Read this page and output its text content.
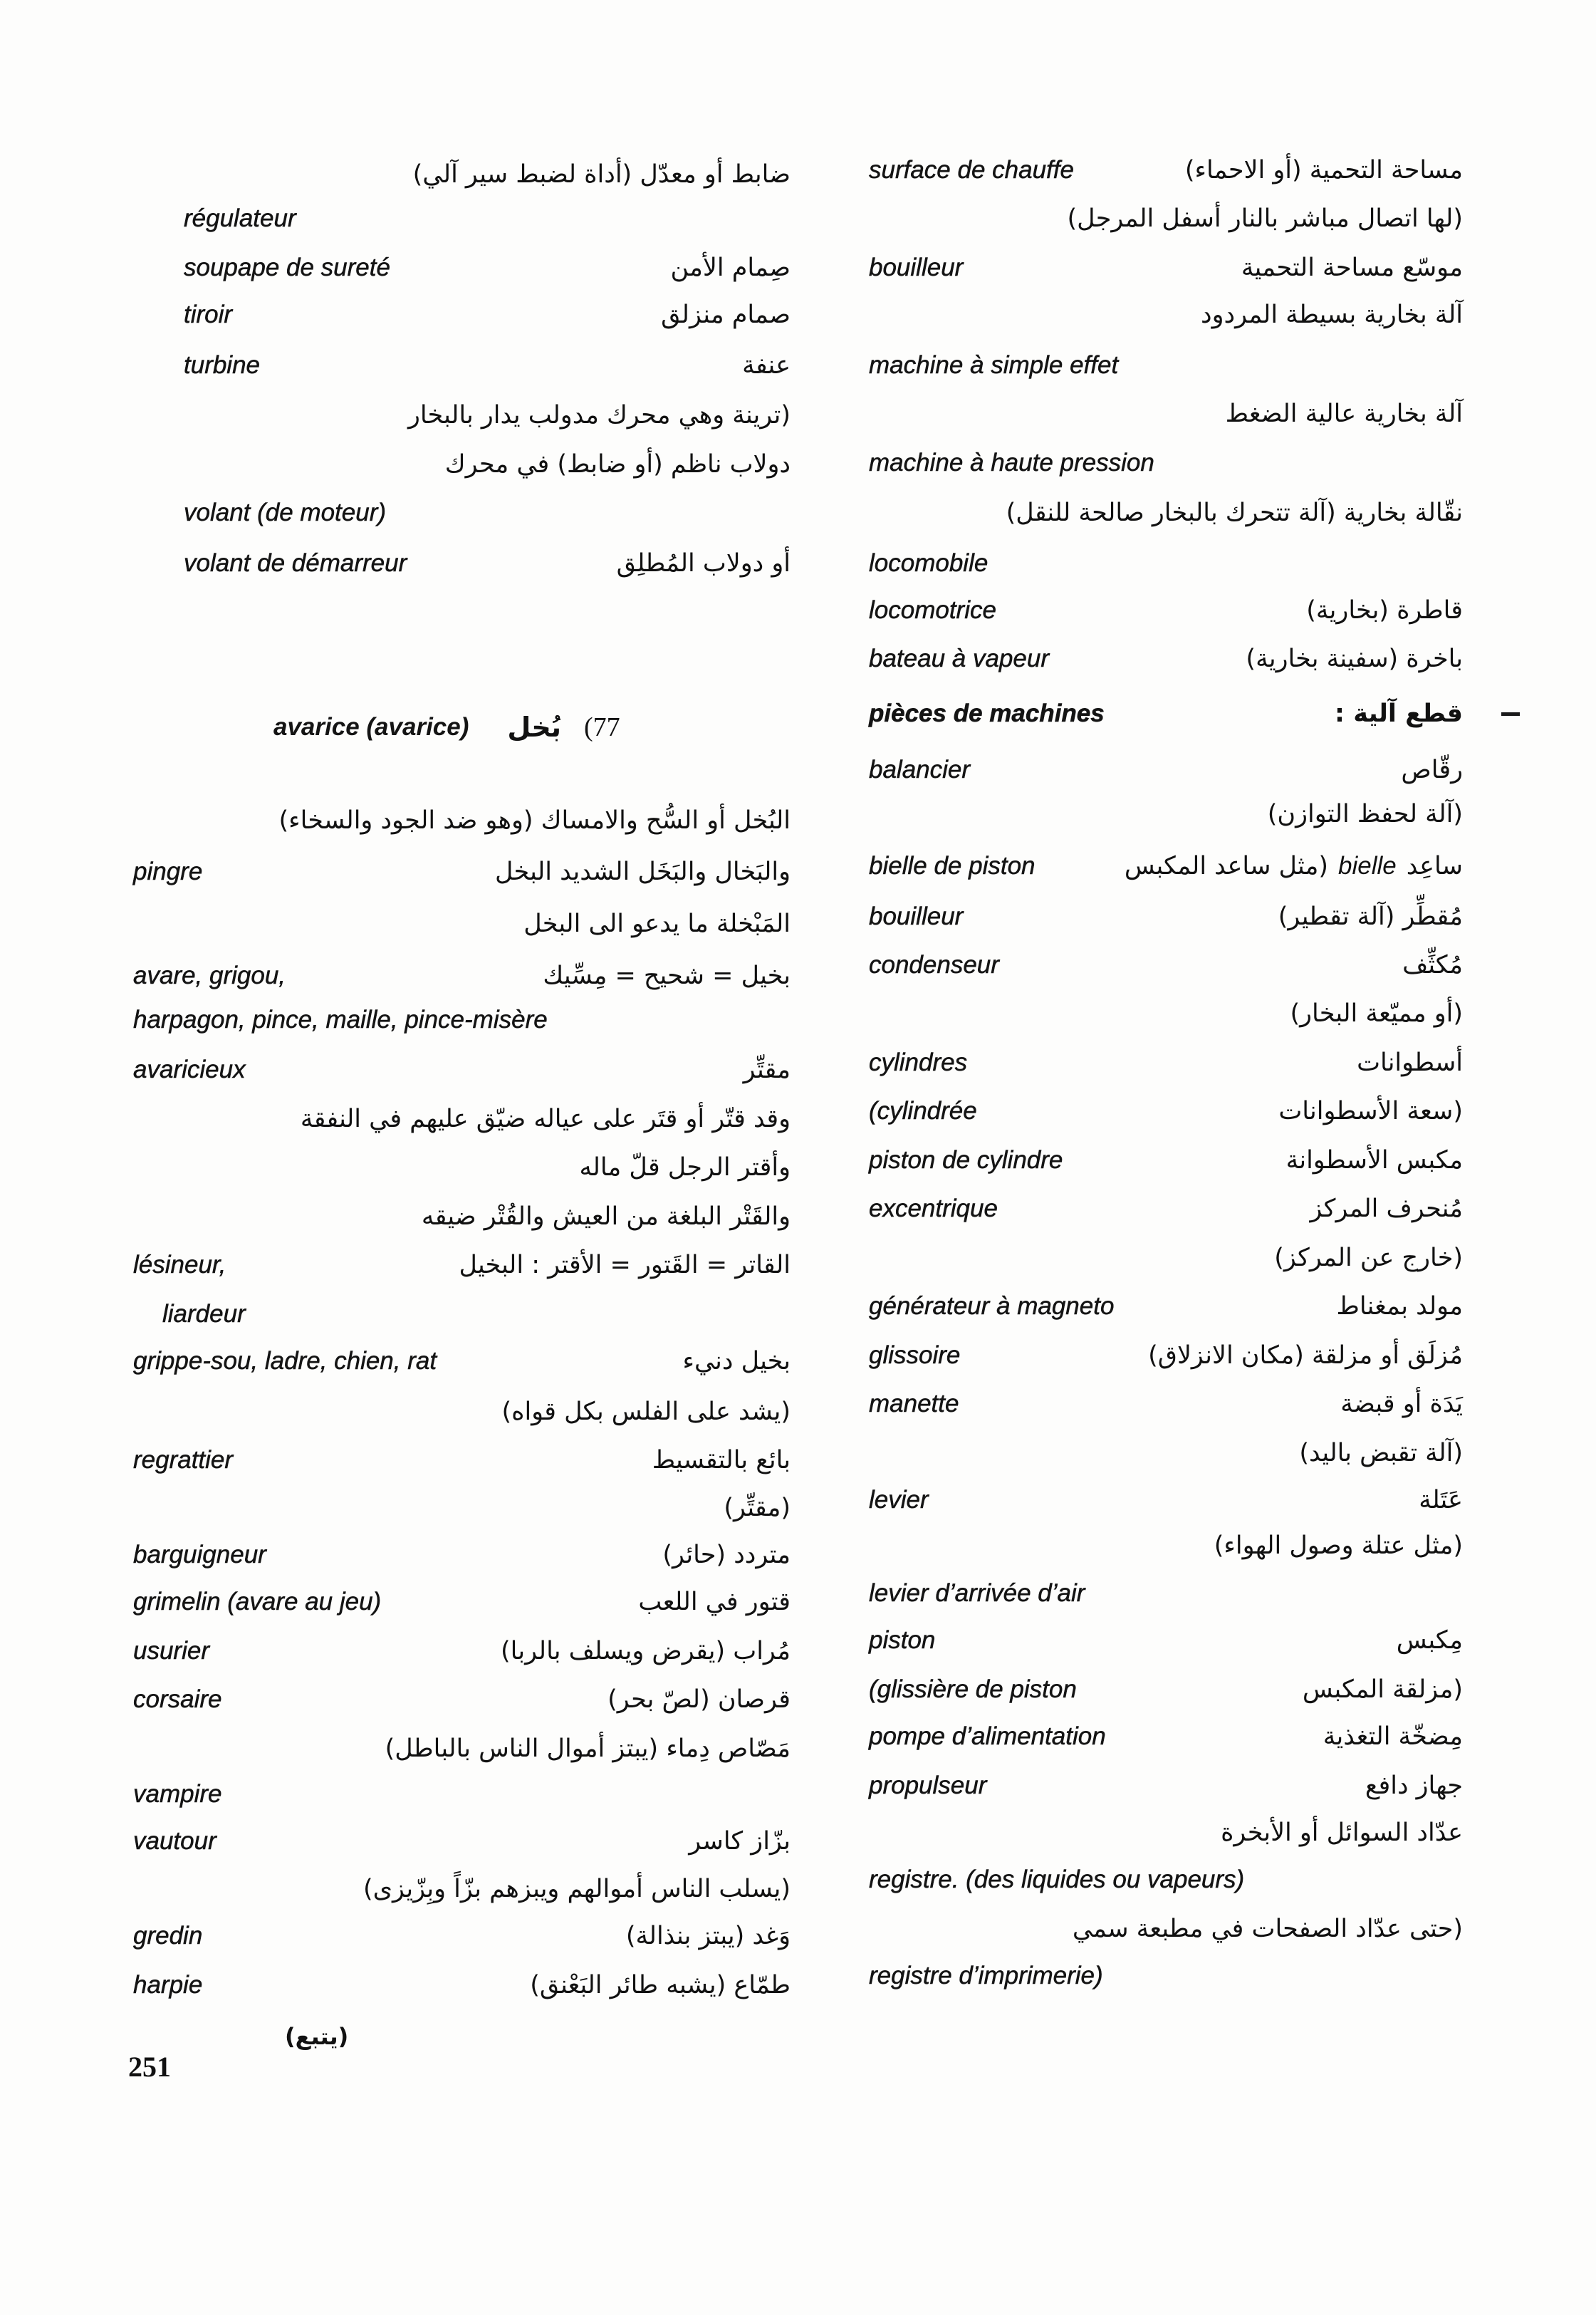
surface de chauffe	مساحة التحمية (أو الاحماء)
(لها اتصال مباشر بالنار أسفل المرجل)
bouilleur	موسّع مساحة التحمية
آلة بخارية بسيطة المردود
machine à simple effet
آلة بخارية عالية الضغط
machine à haute pression
نقّالة بخارية (آلة تتحرك بالبخار صالحة للنقل)
locomobile
locomotrice	قاطرة (بخارية)
bateau à vapeur	باخرة (سفينة بخارية)
pièces de machines	قطع آلية :
balancier	رقّاص
(آلة لحفظ التوازن)
bielle de piston	ساعِدbielle(مثل ساعد المكبس
bouilleur	مُقطِّر (آلة تقطير)
condenseur	مُكثِّف
(أو مميّعة البخار)
cylindres	أسطوانات
(cylindrée	(سعة الأسطوانات
piston de cylindre	مكبس الأسطوانة
excentrique	مُنحرف المركز
(خارج عن المركز)
générateur à magneto	مولد بمغناط
glissoire	مُزلَق أو مزلقة (مكان الانزلاق)
manette	يَدَة أو قبضة
(آلة تقبض باليد)
levier	عَتَلة
(مثل عتلة وصول الهواء)
levier d’arrivée d’air
piston	مِكبس
(glissière de piston	(مزلقة المكبس
pompe d’alimentation	مِضخّة التغذية
propulseur	جهاز دافع
عدّاد السوائل أو الأبخرة
registre. (des liquides ou vapeurs)
(حتى عدّاد الصفحات في مطبعة سمي
registre d’imprimerie)
ضابط أو معدّل (أداة لضبط سير آلي)
régulateur
soupape de sureté	صِمام الأمن
tiroir	صمام منزلق
turbine	عنفة
(ترينة وهي محرك مدولب يدار بالبخار
دولاب ناظم (أو ضابط) في محرك
volant (de moteur)
volant de démarreur	أو دولاب المُطلِق
avarice (avarice) بُخل (77
البُخل أو السُّح والامساك (وهو ضد الجود والسخاء)
pingre	والبَخال والبَخَل الشديد البخل
المَبْخلة ما يدعو الى البخل
avare, grigou,	بخيل = شحيح = مِسِّيك
harpagon, pince, maille, pince-misère
avaricieux	مقتِّر
وقد قتّر أو قتَر على عياله ضيّق عليهم في النفقة
وأقتر الرجل قلّ ماله
والقَتْر البلغة من العيش والقُتْر ضيقه
lésineur,	القاتر = القَتور = الأقتر : البخيل
liardeur
grippe-sou, ladre, chien, rat	بخيل دنيء
(يشد على الفلس بكل قواه)
regrattier	بائع بالتقسيط
(مقتِّر)
barguigneur	متردد (حائر)
grimelin (avare au jeu)	قتور في اللعب
usurier	مُراب (يقرض ويسلف بالربا)
corsaire	قرصان (لصّ بحر)
مَصّاص دِماء (يبتز أموال الناس بالباطل)
vampire
vautour	بزّاز كاسر
(يسلب الناس أموالهم ويبزهم بزّاً وبِزّيزى)
gredin	وَغد (يبتز بنذالة)
harpie	طمّاع (يشبه طائر البَعْنق)
(يتبع)
251
